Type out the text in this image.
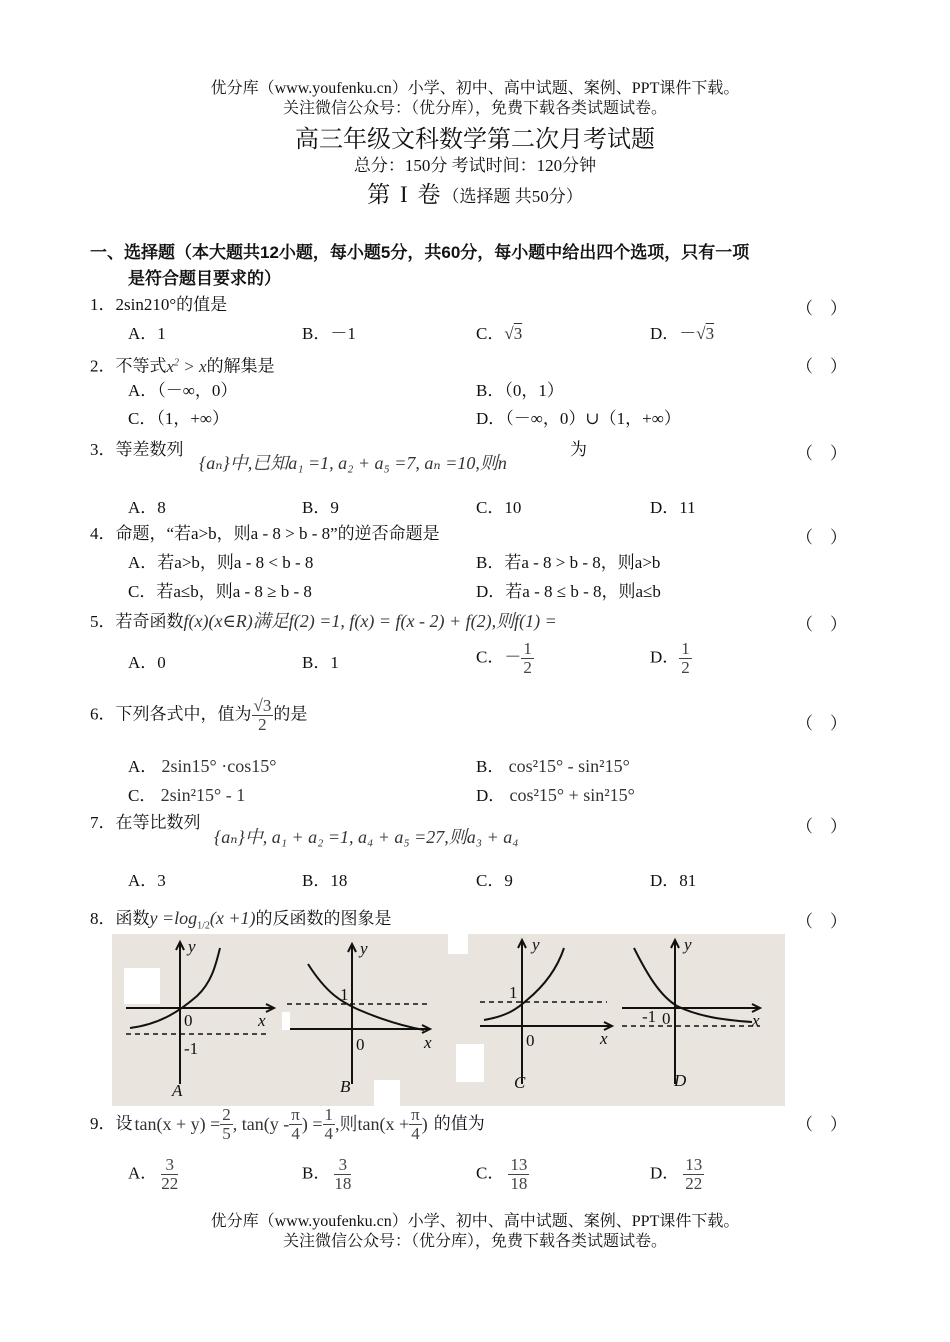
优分库（www.youfenku.cn）小学、初中、高中试题、案例、PPT课件下载。
关注微信公众号：（优分库），免费下载各类试题试卷。
高三年级文科数学第二次月考试题
总分：150分 考试时间：120分钟
第 I 卷（选择题 共50分）
一、选择题（本大题共12小题，每小题5分，共60分，每小题中给出四个选项，只有一项
是符合题目要求的）
1．2sin210°的值是	（　）
A．1	B．－1	C．√3	D．－√3
2．不等式$x^2 > x$的解集是	（　）
A．（－∞，0）	B．（0，1）
C．（1，+∞）	D．（－∞，0）∪（1，+∞）
3．等差数列
{aₙ}中,已知a₁ =1, a₂ + a₅ =7, aₙ =10,则n
为	（　）
A．8	B．9	C．10	D．11
4．命题，“若a>b，则a - 8 > b - 8”的逆否命题是	（　）
A．若a>b，则a - 8 < b - 8	B．若a - 8 > b - 8，则a>b
C．若a≤b，则a - 8 ≥ b - 8	D．若a - 8 ≤ b - 8，则a≤b
5．若奇函数f(x)(x∈R)满足f(2) =1, f(x) = f(x - 2) + f(2),则f(1) =	（　）
A．0	B．1	C．－ $\frac{1}{2}$	D． $\frac{1}{2}$
6．下列各式中，值为 $\frac{√3}{2}$ 的是
（　）
A． 2sin15° ·cos15°	B． cos²15° - sin²15°
C． 2sin²15° - 1	D． cos²15° + sin²15°
7．在等比数列
{aₙ}中, a₁ + a₂ =1, a₄ + a₅ =27,则a₃ + a₄
（　）
A．3	B．18	C．9	D．81
8．函数$y =\log_{1/2}(x +1)$的反函数的图象是	（　）
y
x
0
-1
A
y
x
0
1
B
y
x
0
1
C
y
x
0
-1
D
9． 设 $\tan(x + y) = \frac{2}{5}$ , $\tan(y - \frac{\pi}{4}$ ) = $\frac{1}{4}$ ,则$\tan(x + \frac{\pi}{4}$ ) 的值为	（　）
A． $\frac{3}{22}$	B． $\frac{3}{18}$	C． $\frac{13}{18}$	D． $\frac{13}{22}$
优分库（www.youfenku.cn）小学、初中、高中试题、案例、PPT课件下载。
关注微信公众号：（优分库），免费下载各类试题试卷。
